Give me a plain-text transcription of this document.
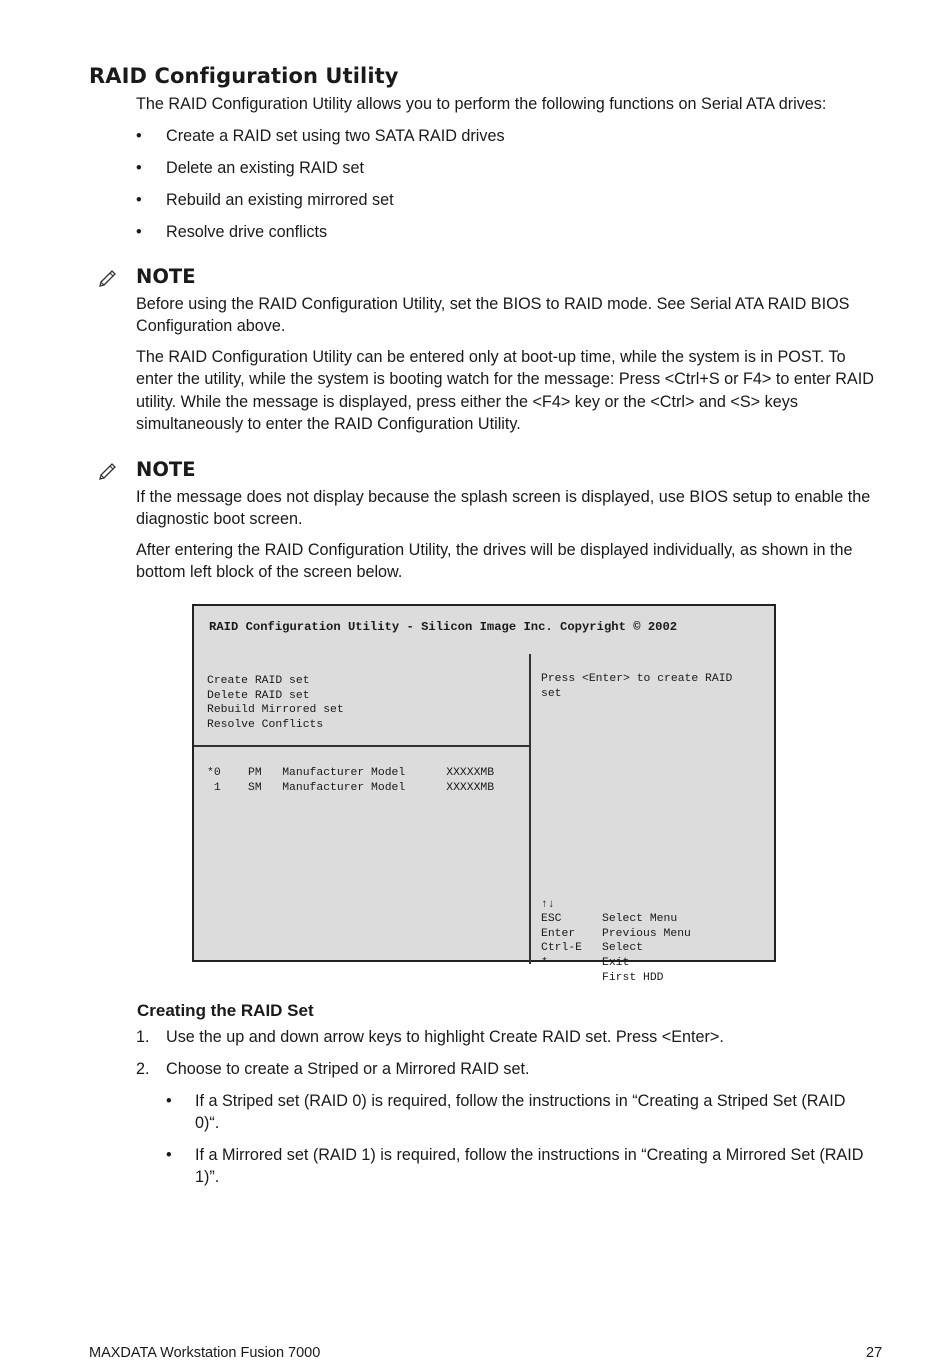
RAID Configuration Utility
The RAID Configuration Utility allows you to perform the following functions on Serial ATA drives:
• Create a RAID set using two SATA RAID drives
• Delete an existing RAID set
• Rebuild an existing mirrored set
• Resolve drive conflicts
NOTE
Before using the RAID Configuration Utility, set the BIOS to RAID mode. See Serial ATA RAID BIOS Configuration above.
The RAID Configuration Utility can be entered only at boot-up time, while the system is in POST. To enter the utility, while the system is booting watch for the message: Press <Ctrl+S or F4> to enter RAID utility. While the message is displayed, press either the <F4> key or the <Ctrl> and <S> keys simultaneously to enter the RAID Configuration Utility.
NOTE
If the message does not display because the splash screen is displayed, use BIOS setup to enable the diagnostic boot screen.
After entering the RAID Configuration Utility, the drives will be displayed individually, as shown in the bottom left block of the screen below.
RAID Configuration Utility - Silicon Image Inc. Copyright © 2002
Create RAID set
Delete RAID set
Rebuild Mirrored set
Resolve Conflicts
Press <Enter> to create RAID
set
*0    PM   Manufacturer Model      XXXXXMB
1    SM   Manufacturer Model      XXXXXMB

↑↓

Select Menu

ESC

Previous Menu

Enter

Select

Ctrl-E

Exit

*

First HDD

Creating the RAID Set
1. Use the up and down arrow keys to highlight Create RAID set. Press <Enter>.
2. Choose to create a Striped or a Mirrored RAID set.
• If a Striped set (RAID 0) is required, follow the instructions in “Creating a Striped Set (RAID 0)“.
• If a Mirrored set (RAID 1) is required, follow the instructions in “Creating a Mirrored Set (RAID 1)”.
MAXDATA Workstation Fusion 7000	27
